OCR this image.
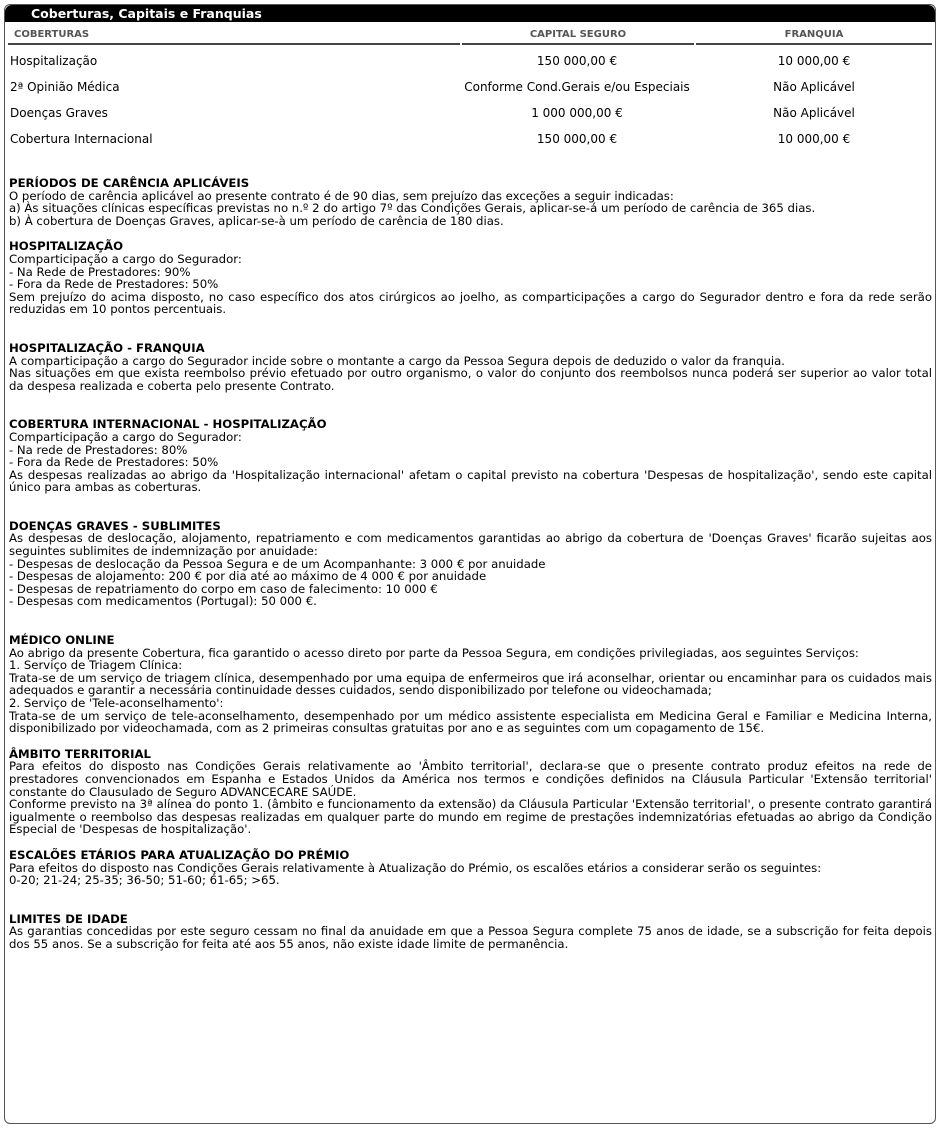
Coberturas, Capitais e Franquias
COBERTURAS	CAPITAL SEGURO	FRANQUIA
Hospitalização	150 000,00 €	10 000,00 €
2ª Opinião Médica	Conforme Cond.Gerais e/ou Especiais	Não Aplicável
Doenças Graves	1 000 000,00 €	Não Aplicável
Cobertura Internacional	150 000,00 €	10 000,00 €
PERÍODOS DE CARÊNCIA APLICÁVEIS

O período de carência aplicável ao presente contrato é de 90 dias, sem prejuízo das exceções a seguir indicadas:

a) Às situações clínicas específicas previstas no n.º 2 do artigo 7º das Condições Gerais, aplicar-se-á um período de carência de 365 dias.

b) À cobertura de Doenças Graves, aplicar-se-à um período de carência de 180 dias.

HOSPITALIZAÇÃO

Comparticipação a cargo do Segurador:

- Na Rede de Prestadores: 90%

- Fora da Rede de Prestadores: 50%

Sem prejuízo do acima disposto, no caso específico dos atos cirúrgicos ao joelho, as comparticipações a cargo do Segurador dentro e fora da rede serão reduzidas em 10 pontos percentuais.

HOSPITALIZAÇÃO - FRANQUIA

A comparticipação a cargo do Segurador incide sobre o montante a cargo da Pessoa Segura depois de deduzido o valor da franquia.

Nas situações em que exista reembolso prévio efetuado por outro organismo, o valor do conjunto dos reembolsos nunca poderá ser superior ao valor total da despesa realizada e coberta pelo presente Contrato.

COBERTURA INTERNACIONAL - HOSPITALIZAÇÃO

Comparticipação a cargo do Segurador:

- Na rede de Prestadores: 80%

- Fora da Rede de Prestadores: 50%

As despesas realizadas ao abrigo da 'Hospitalização internacional' afetam o capital previsto na cobertura 'Despesas de hospitalização', sendo este capital único para ambas as coberturas.

DOENÇAS GRAVES - SUBLIMITES

As despesas de deslocação, alojamento, repatriamento e com medicamentos garantidas ao abrigo da cobertura de 'Doenças Graves' ficarão sujeitas aos seguintes sublimites de indemnização por anuidade:

- Despesas de deslocação da Pessoa Segura e de um Acompanhante: 3 000 € por anuidade

- Despesas de alojamento: 200 € por dia até ao máximo de 4 000 € por anuidade

- Despesas de repatriamento do corpo em caso de falecimento: 10 000 €

- Despesas com medicamentos (Portugal): 50 000 €.

MÉDICO ONLINE

Ao abrigo da presente Cobertura, fica garantido o acesso direto por parte da Pessoa Segura, em condições privilegiadas, aos seguintes Serviços:

1. Serviço de Triagem Clínica:

Trata-se de um serviço de triagem clínica, desempenhado por uma equipa de enfermeiros que irá aconselhar, orientar ou encaminhar para os cuidados mais adequados e garantir a necessária continuidade desses cuidados, sendo disponibilizado por telefone ou videochamada;

2. Serviço de 'Tele-aconselhamento':

Trata-se de um serviço de tele-aconselhamento, desempenhado por um médico assistente especialista em Medicina Geral e Familiar e Medicina Interna, disponibilizado por videochamada, com as 2 primeiras consultas gratuitas por ano e as seguintes com um copagamento de 15€.

ÂMBITO TERRITORIAL

Para efeitos do disposto nas Condições Gerais relativamente ao 'Âmbito territorial', declara-se que o presente contrato produz efeitos na rede de prestadores convencionados em Espanha e Estados Unidos da América nos termos e condições definidos na Cláusula Particular 'Extensão territorial' constante do Clausulado de Seguro ADVANCECARE SAÚDE.

Conforme previsto na 3ª alínea do ponto 1. (âmbito e funcionamento da extensão) da Cláusula Particular 'Extensão territorial', o presente contrato garantirá igualmente o reembolso das despesas realizadas em qualquer parte do mundo em regime de prestações indemnizatórias efetuadas ao abrigo da Condição Especial de 'Despesas de hospitalização'.

ESCALÕES ETÁRIOS PARA ATUALIZAÇÃO DO PRÉMIO

Para efeitos do disposto nas Condições Gerais relativamente à Atualização do Prémio, os escalões etários a considerar serão os seguintes:

0-20; 21-24; 25-35; 36-50; 51-60; 61-65; >65.

LIMITES DE IDADE

As garantias concedidas por este seguro cessam no final da anuidade em que a Pessoa Segura complete 75 anos de idade, se a subscrição for feita depois dos 55 anos. Se a subscrição for feita até aos 55 anos, não existe idade limite de permanência.
